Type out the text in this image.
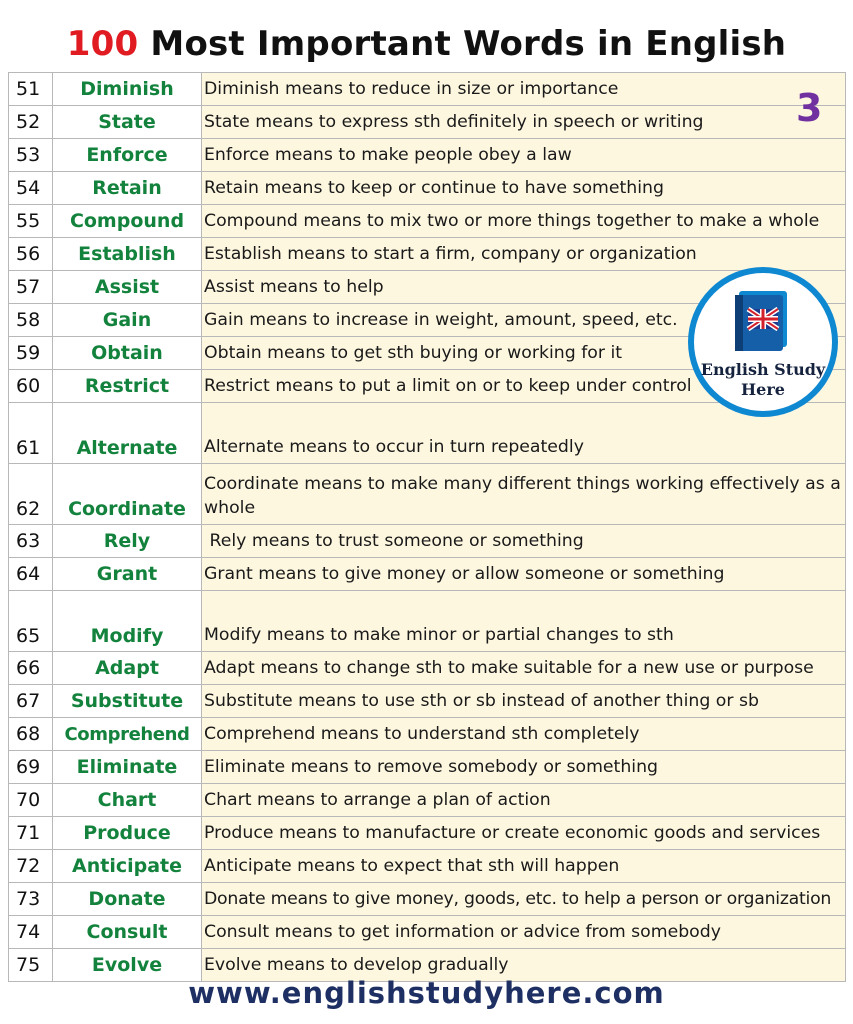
100 Most Important Words in English
51	Diminish	Diminish means to reduce in size or importance
52	State	State means to express sth definitely in speech or writing
53	Enforce	Enforce means to make people obey a law
54	Retain	Retain means to keep or continue to have something
55	Compound	Compound means to mix two or more things together to make a whole
56	Establish	Establish means to start a firm, company or organization
57	Assist	Assist means to help
58	Gain	Gain means to increase in weight, amount, speed, etc.
59	Obtain	Obtain means to get sth buying or working for it
60	Restrict	Restrict means to put a limit on or to keep under control
61	Alternate	Alternate means to occur in turn repeatedly
62	Coordinate	Coordinate means to make many different things working effectively as a whole
63	Rely	Rely means to trust someone or something
64	Grant	Grant means to give money or allow someone or something
65	Modify	Modify means to make minor or partial changes to sth
66	Adapt	Adapt means to change sth to make suitable for a new use or purpose
67	Substitute	Substitute means to use sth or sb instead of another thing or sb
68	Comprehend	Comprehend means to understand sth completely
69	Eliminate	Eliminate means to remove somebody or something
70	Chart	Chart means to arrange a plan of action
71	Produce	Produce means to manufacture or create economic goods and services
72	Anticipate	Anticipate means to expect that sth will happen
73	Donate	Donate means to give money, goods, etc. to help a person or organization
74	Consult	Consult means to get information or advice from somebody
75	Evolve	Evolve means to develop gradually
3
English Study
Here
www.englishstudyhere.com
